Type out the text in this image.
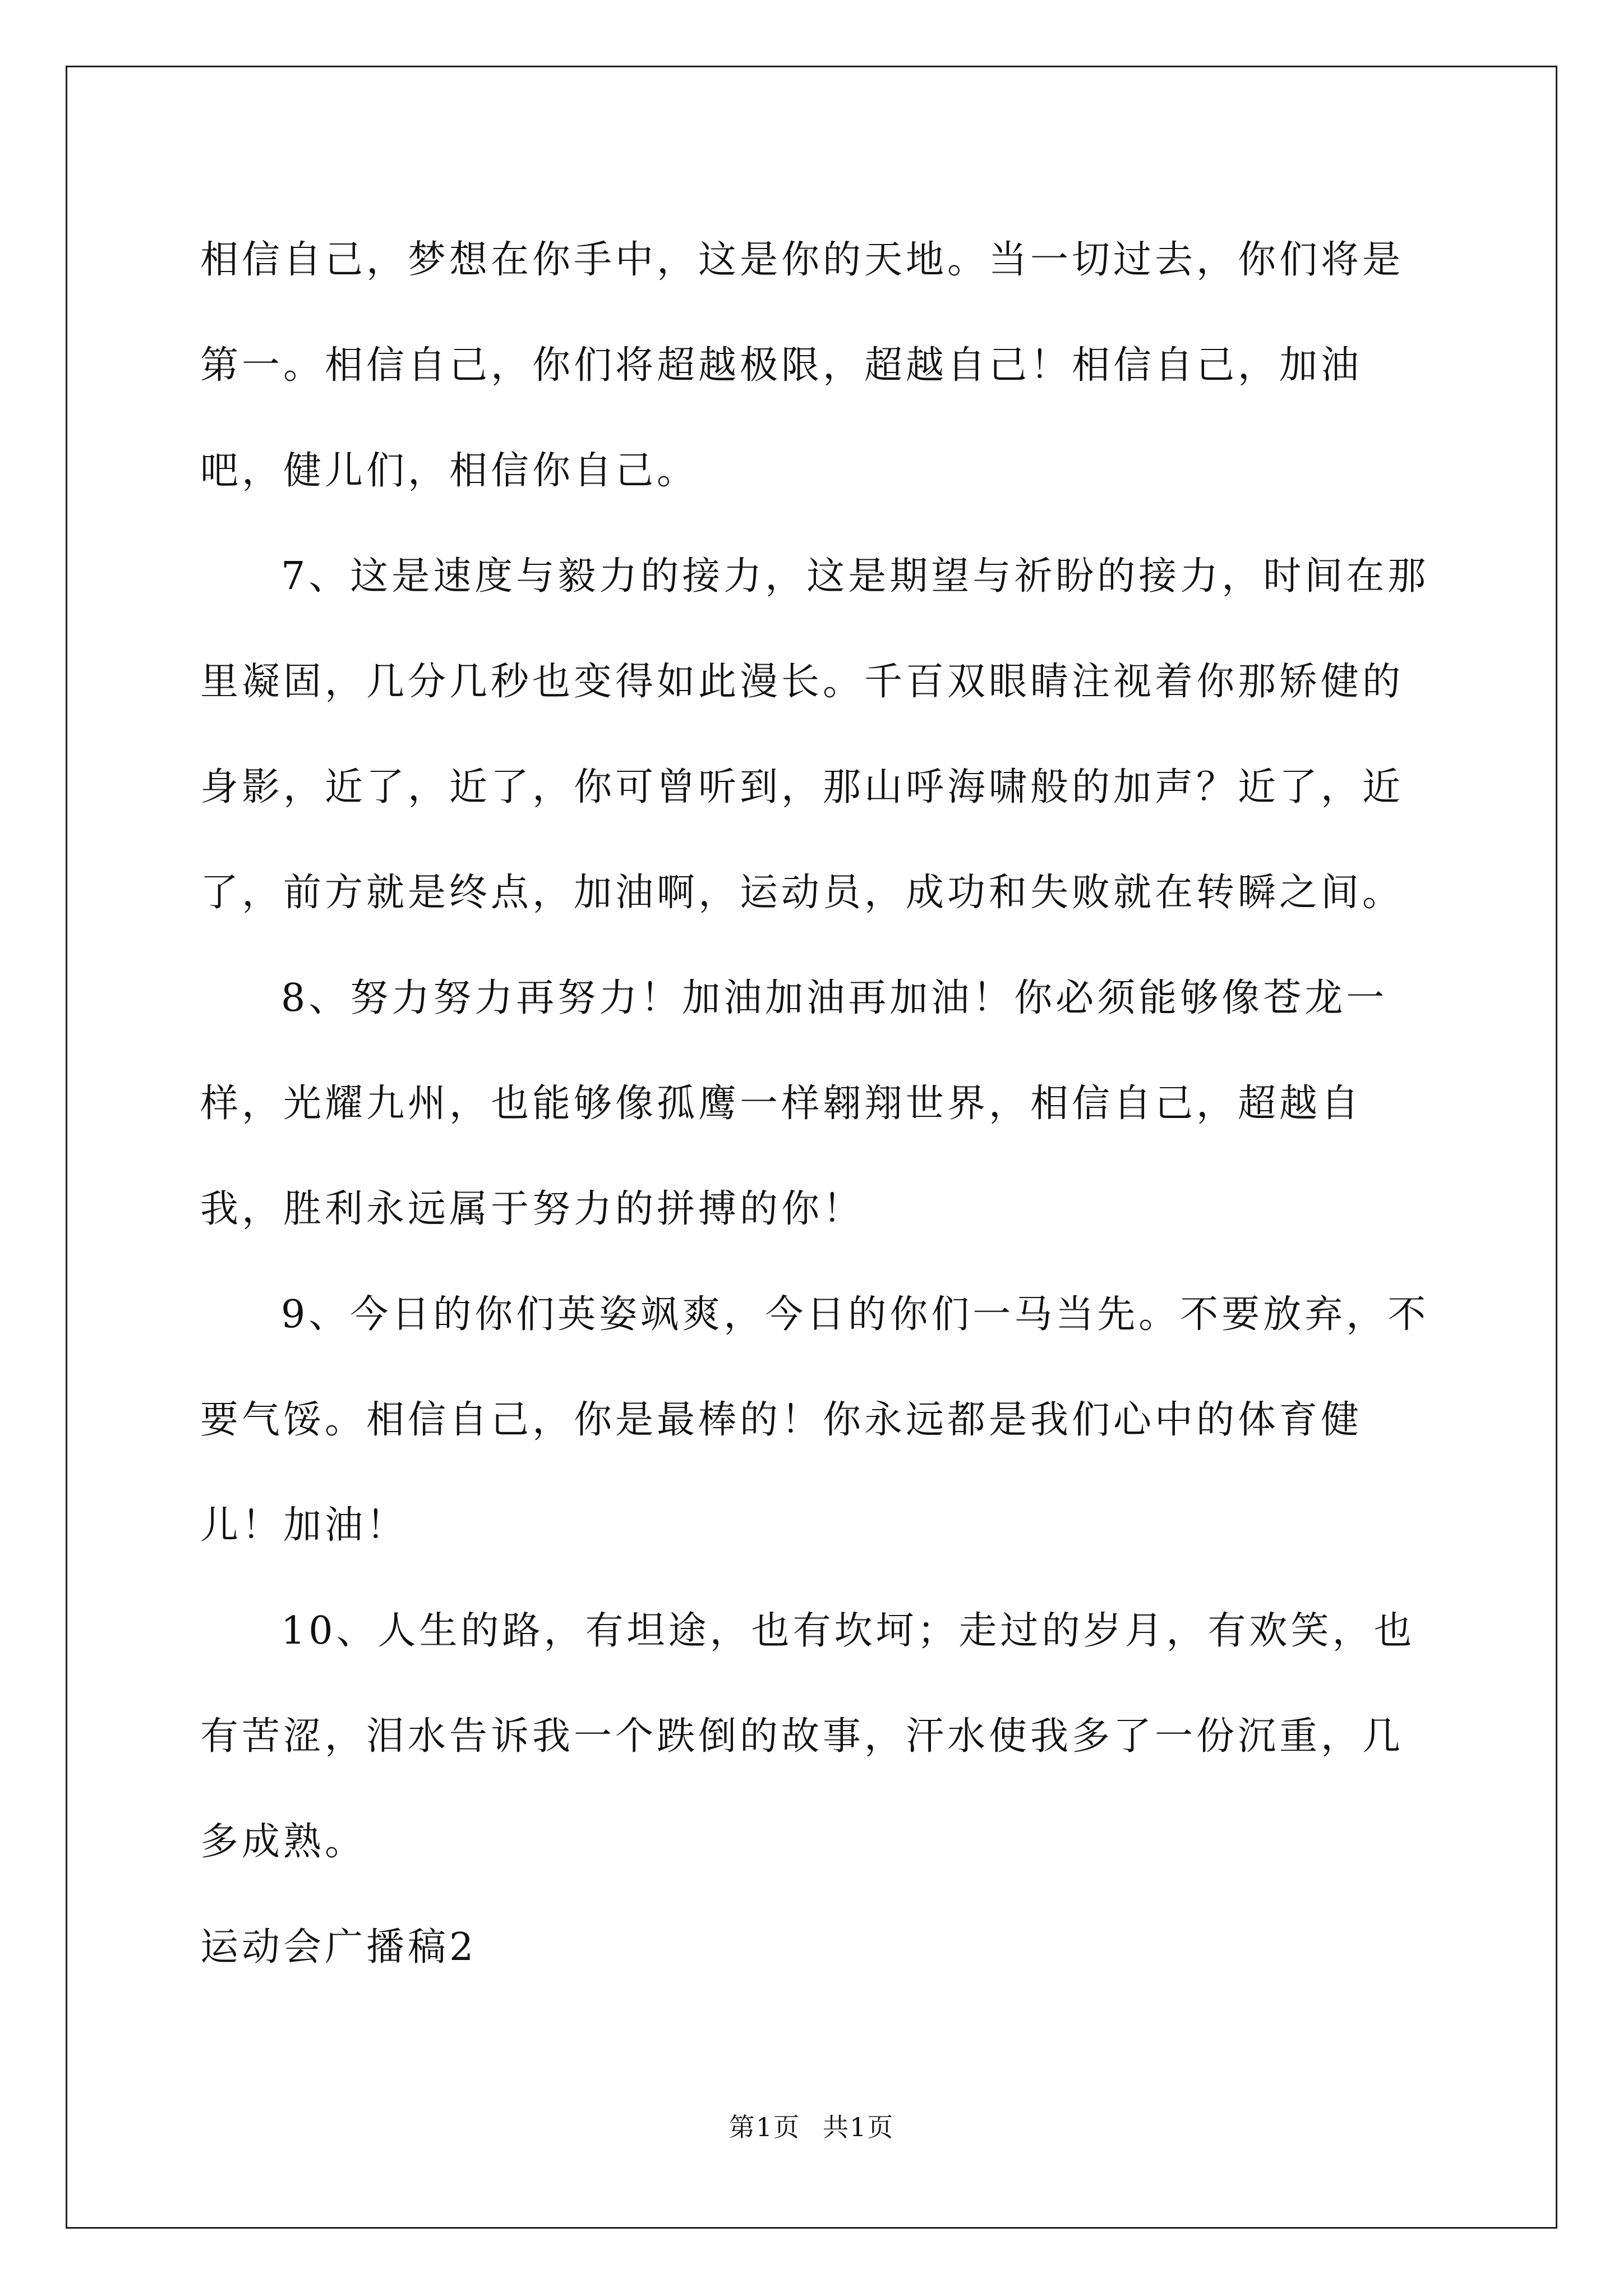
相信自己，梦想在你手中，这是你的天地。当一切过去，你们将是第一。相信自己，你们将超越极限，超越自己！相信自己，加油吧，健儿们，相信你自己。

7、这是速度与毅力的接力，这是期望与祈盼的接力，时间在那里凝固，几分几秒也变得如此漫长。千百双眼睛注视着你那矫健的身影，近了，近了，你可曾听到，那山呼海啸般的加声？近了，近了，前方就是终点，加油啊，运动员，成功和失败就在转瞬之间。

8、努力努力再努力！加油加油再加油！你必须能够像苍龙一样，光耀九州，也能够像孤鹰一样翱翔世界，相信自己，超越自我，胜利永远属于努力的拼搏的你！

9、今日的你们英姿飒爽，今日的你们一马当先。不要放弃，不要气馁。相信自己，你是最棒的！你永远都是我们心中的体育健儿！加油！

10、人生的路，有坦途，也有坎坷；走过的岁月，有欢笑，也有苦涩，泪水告诉我一个跌倒的故事，汗水使我多了一份沉重，几多成熟。

运动会广播稿2

第1页 共1页
